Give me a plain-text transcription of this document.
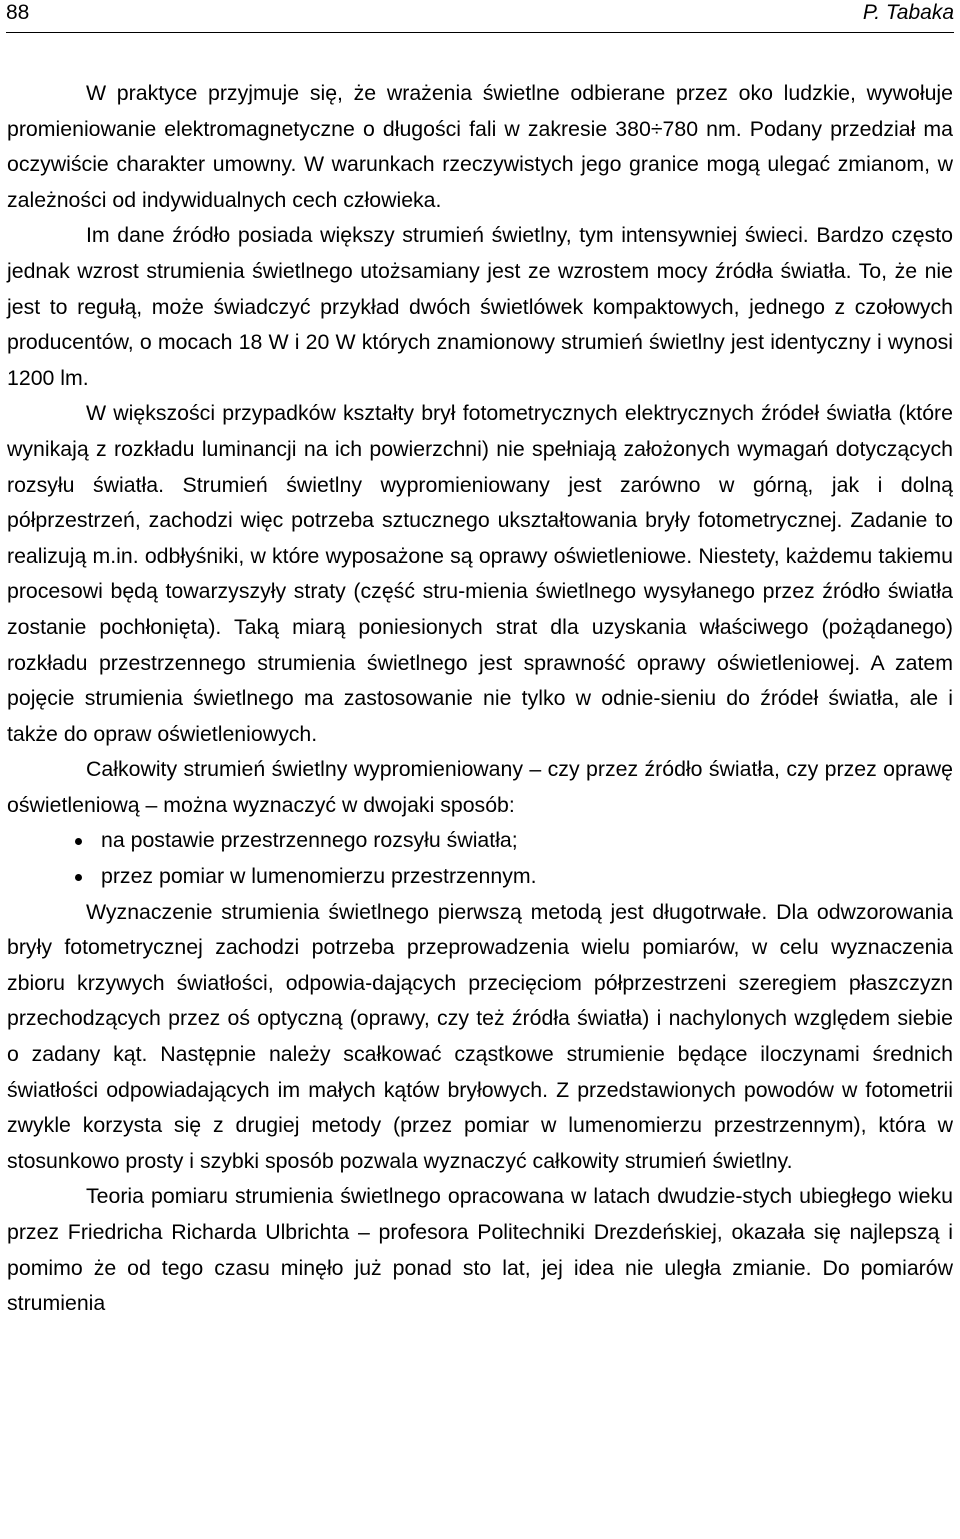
88	P. Tabaka

W praktyce przyjmuje się, że wrażenia świetlne odbierane przez oko ludzkie, wywołuje promieniowanie elektromagnetyczne o długości fali w zakresie 380÷780 nm. Podany przedział ma oczywiście charakter umowny. W warunkach rzeczywistych jego granice mogą ulegać zmianom, w zależności od indywidualnych cech człowieka.

Im dane źródło posiada większy strumień świetlny, tym intensywniej świeci. Bardzo często jednak wzrost strumienia świetlnego utożsamiany jest ze wzrostem mocy źródła światła. To, że nie jest to regułą, może świadczyć przykład dwóch świetlówek kompaktowych, jednego z czołowych producentów, o mocach 18 W i 20 W których znamionowy strumień świetlny jest identyczny i wynosi 1200 lm.

W większości przypadków kształty brył fotometrycznych elektrycznych źródeł światła (które wynikają z rozkładu luminancji na ich powierzchni) nie spełniają założonych wymagań dotyczących rozsyłu światła. Strumień świetlny wypromieniowany jest zarówno w górną, jak i dolną półprzestrzeń, zachodzi więc potrzeba sztucznego ukształtowania bryły fotometrycznej. Zadanie to realizują m.in. odbłyśniki, w które wyposażone są oprawy oświetleniowe. Niestety, każdemu takiemu procesowi będą towarzyszyły straty (część stru-mienia świetlnego wysyłanego przez źródło światła zostanie pochłonięta). Taką miarą poniesionych strat dla uzyskania właściwego (pożądanego) rozkładu przestrzennego strumienia świetlnego jest sprawność oprawy oświetleniowej. A zatem pojęcie strumienia świetlnego ma zastosowanie nie tylko w odnie-sieniu do źródeł światła, ale i także do opraw oświetleniowych.

Całkowity strumień świetlny wypromieniowany – czy przez źródło światła, czy przez oprawę oświetleniową – można wyznaczyć w dwojaki sposób:

na postawie przestrzennego rozsyłu światła;
przez pomiar w lumenomierzu przestrzennym.

Wyznaczenie strumienia świetlnego pierwszą metodą jest długotrwałe. Dla odwzorowania bryły fotometrycznej zachodzi potrzeba przeprowadzenia wielu pomiarów, w celu wyznaczenia zbioru krzywych światłości, odpowia-dających przecięciom półprzestrzeni szeregiem płaszczyzn przechodzących przez oś optyczną (oprawy, czy też źródła światła) i nachylonych względem siebie o zadany kąt. Następnie należy scałkować cząstkowe strumienie będące iloczynami średnich światłości odpowiadających im małych kątów bryłowych. Z przedstawionych powodów w fotometrii zwykle korzysta się z drugiej metody (przez pomiar w lumenomierzu przestrzennym), która w stosunkowo prosty i szybki sposób pozwala wyznaczyć całkowity strumień świetlny.

Teoria pomiaru strumienia świetlnego opracowana w latach dwudzie-stych ubiegłego wieku przez Friedricha Richarda Ulbrichta – profesora Politechniki Drezdeńskiej, okazała się najlepszą i pomimo że od tego czasu minęło już ponad sto lat, jej idea nie uległa zmianie. Do pomiarów strumienia
